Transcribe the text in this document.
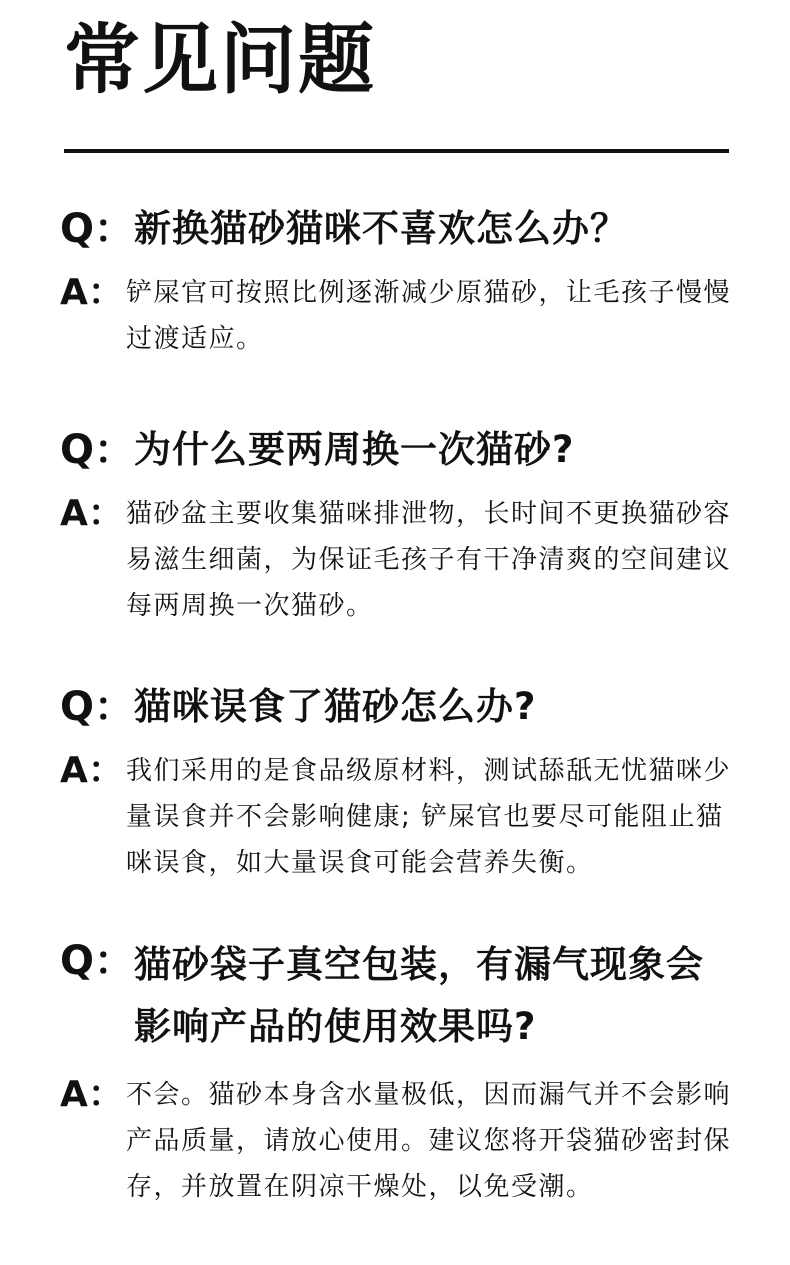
常见问题
Q： 新换猫砂猫咪不喜欢怎么办？
A： 铲屎官可按照比例逐渐减少原猫砂，让毛孩子慢慢过渡适应。
Q： 为什么要两周换一次猫砂?
A： 猫砂盆主要收集猫咪排泄物，长时间不更换猫砂容易滋生细菌，为保证毛孩子有干净清爽的空间建议每两周换一次猫砂。
Q： 猫咪误食了猫砂怎么办?
A： 我们采用的是食品级原材料，测试舔舐无忧猫咪少量误食并不会影响健康; 铲屎官也要尽可能阻止猫咪误食，如大量误食可能会营养失衡。
Q： 猫砂袋子真空包装，有漏气现象会影响产品的使用效果吗?
A： 不会。猫砂本身含水量极低，因而漏气并不会影响产品质量，请放心使用。建议您将开袋猫砂密封保存，并放置在阴凉干燥处，以免受潮。
